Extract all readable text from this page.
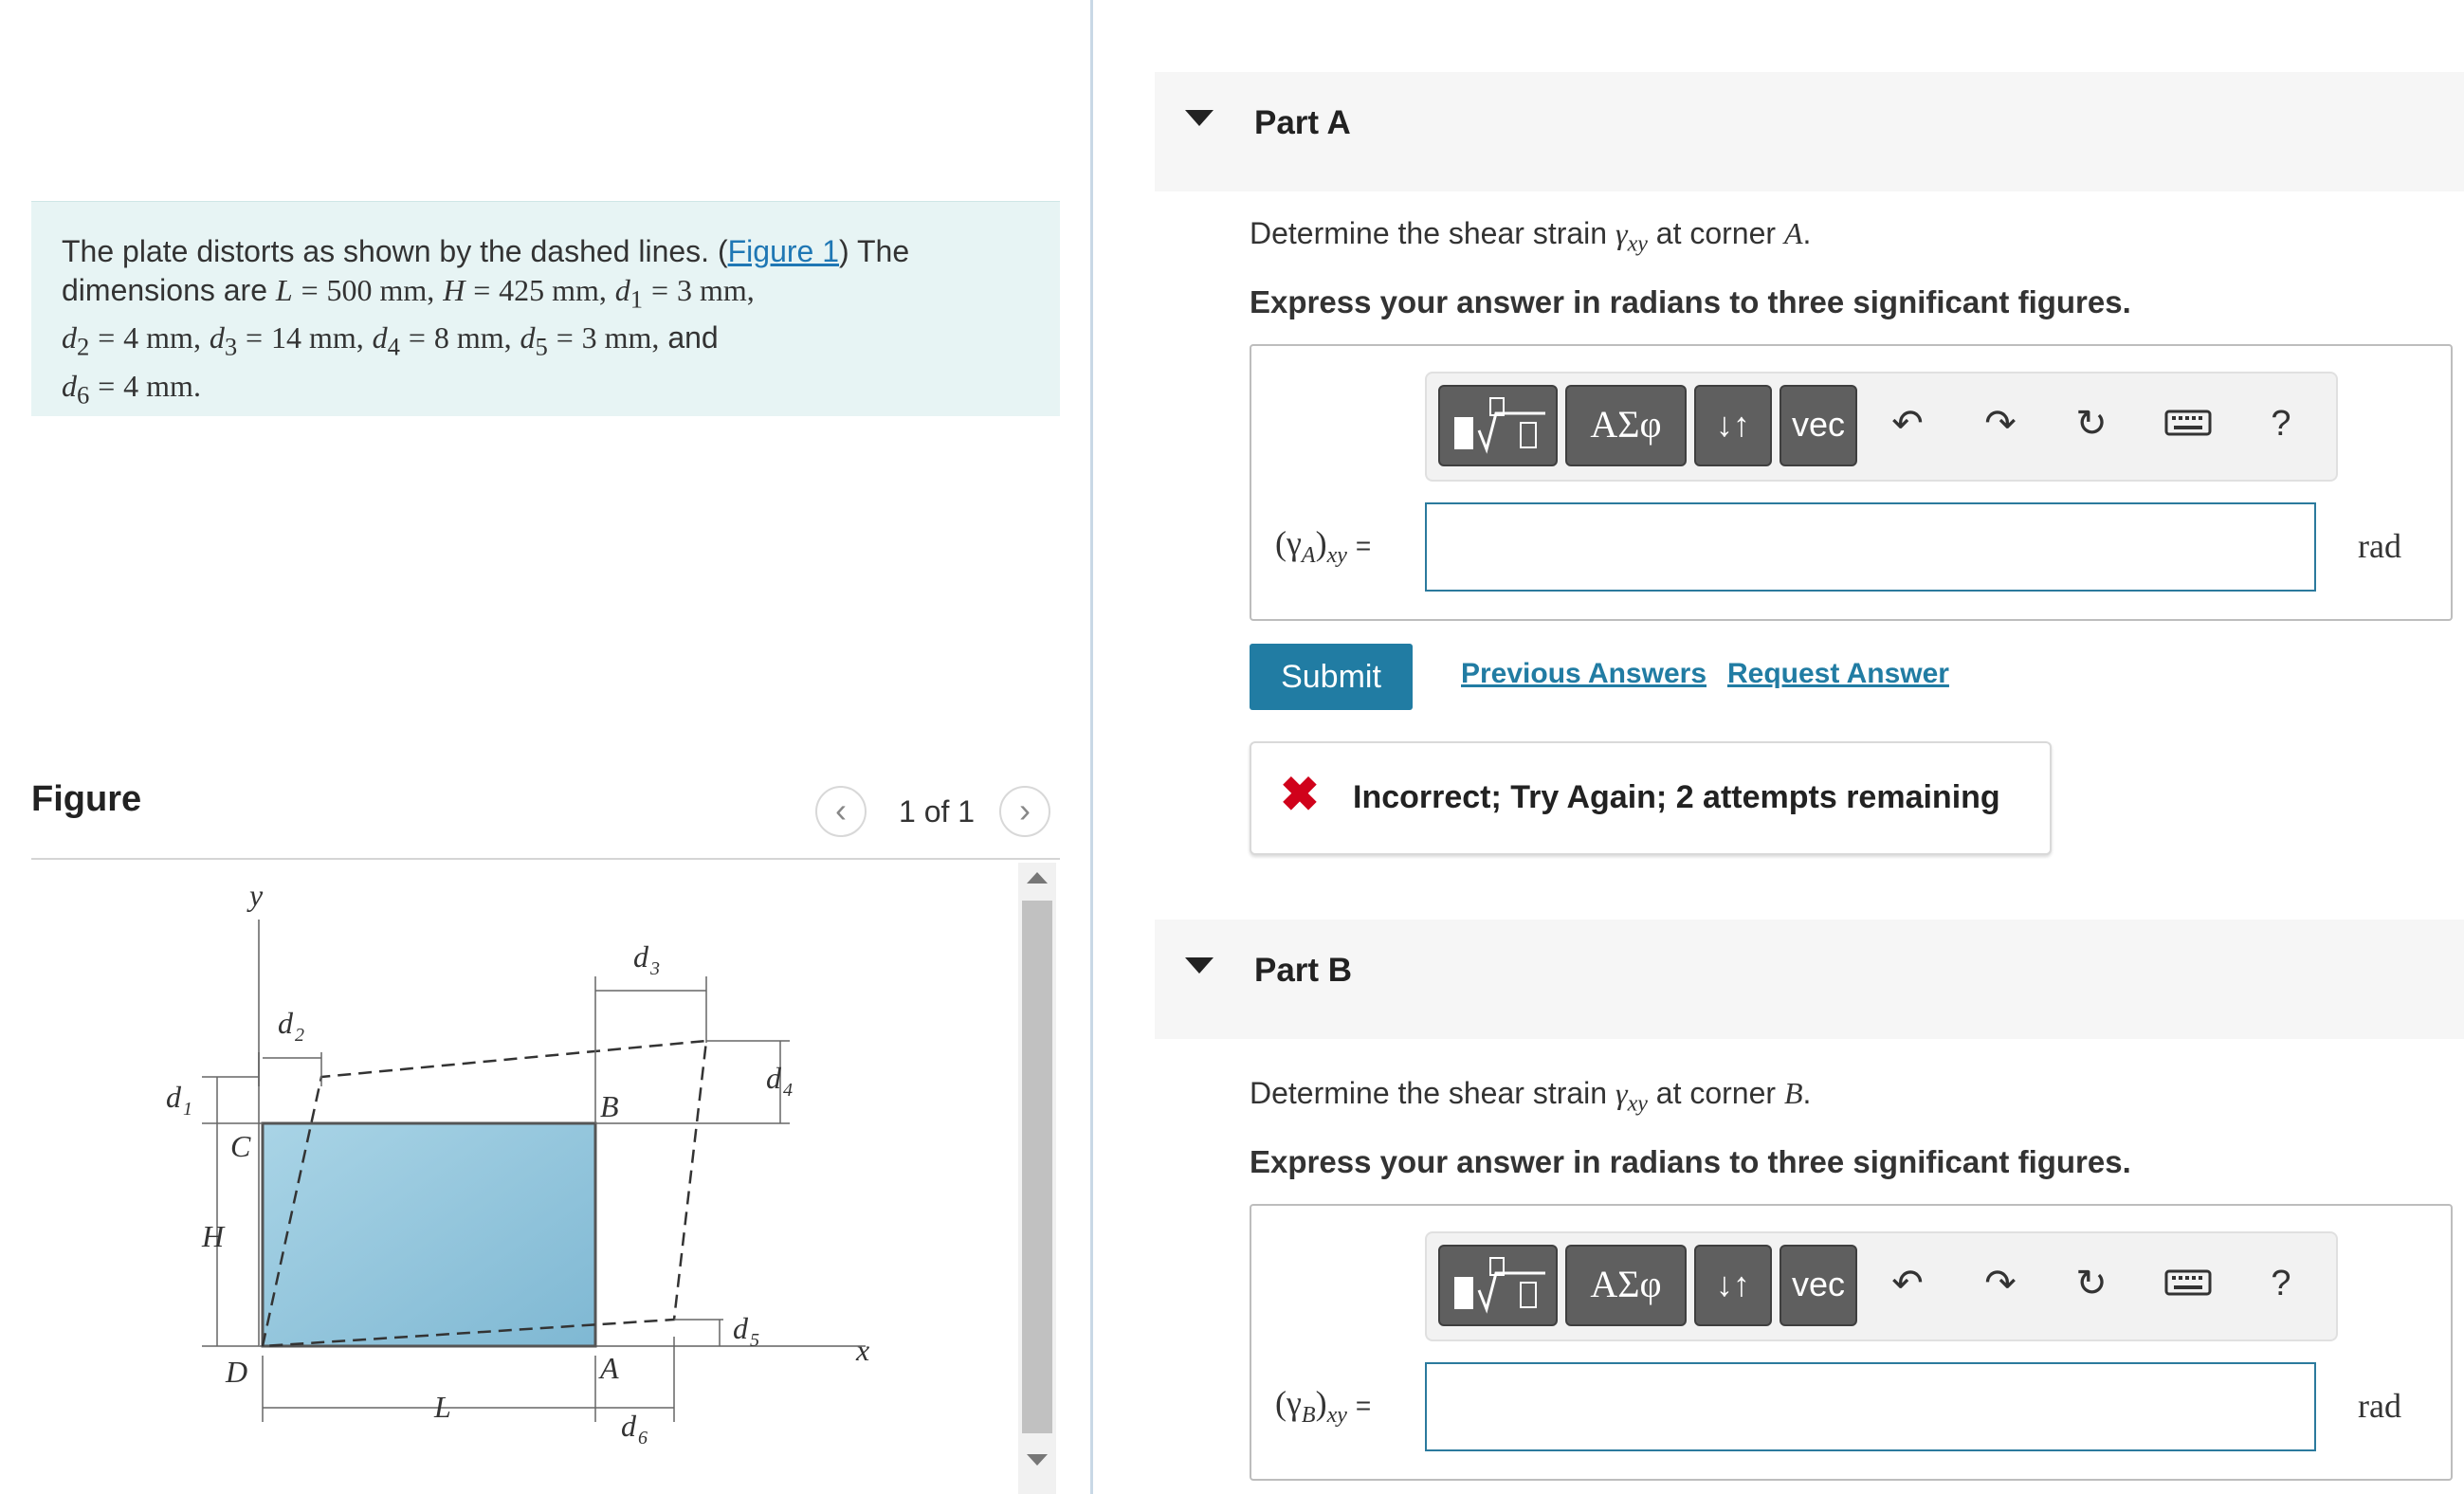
The plate distorts as shown by the dashed lines. (Figure 1) The dimensions are L = 500 mm, H = 425 mm, $d_1 = 3$ mm,
$d_2 = 4$ mm, $d_3 = 14$ mm, $d_4 = 8$ mm, $d_5 = 3$ mm, and
$d_6 = 4$ mm.
Figure	‹	1 of 1	›
y
x
d 2
d 3
d 4
d 1
d 5
d 6
B
C
D	A
H
L
Part A
Determine the shear strain $\gamma_{xy}$ at corner A.
Express your answer in radians to three significant figures.
ΑΣφ	↓↑	vec	↶ ↷ ↻	?
$(\gamma_A)_{xy}$ =	rad
Submit	Previous Answers Request Answer
✖ Incorrect; Try Again; 2 attempts remaining
Part B
Determine the shear strain $\gamma_{xy}$ at corner B.
Express your answer in radians to three significant figures.
ΑΣφ	↓↑	vec	↶ ↷ ↻	?
$(\gamma_B)_{xy}$ =	rad
